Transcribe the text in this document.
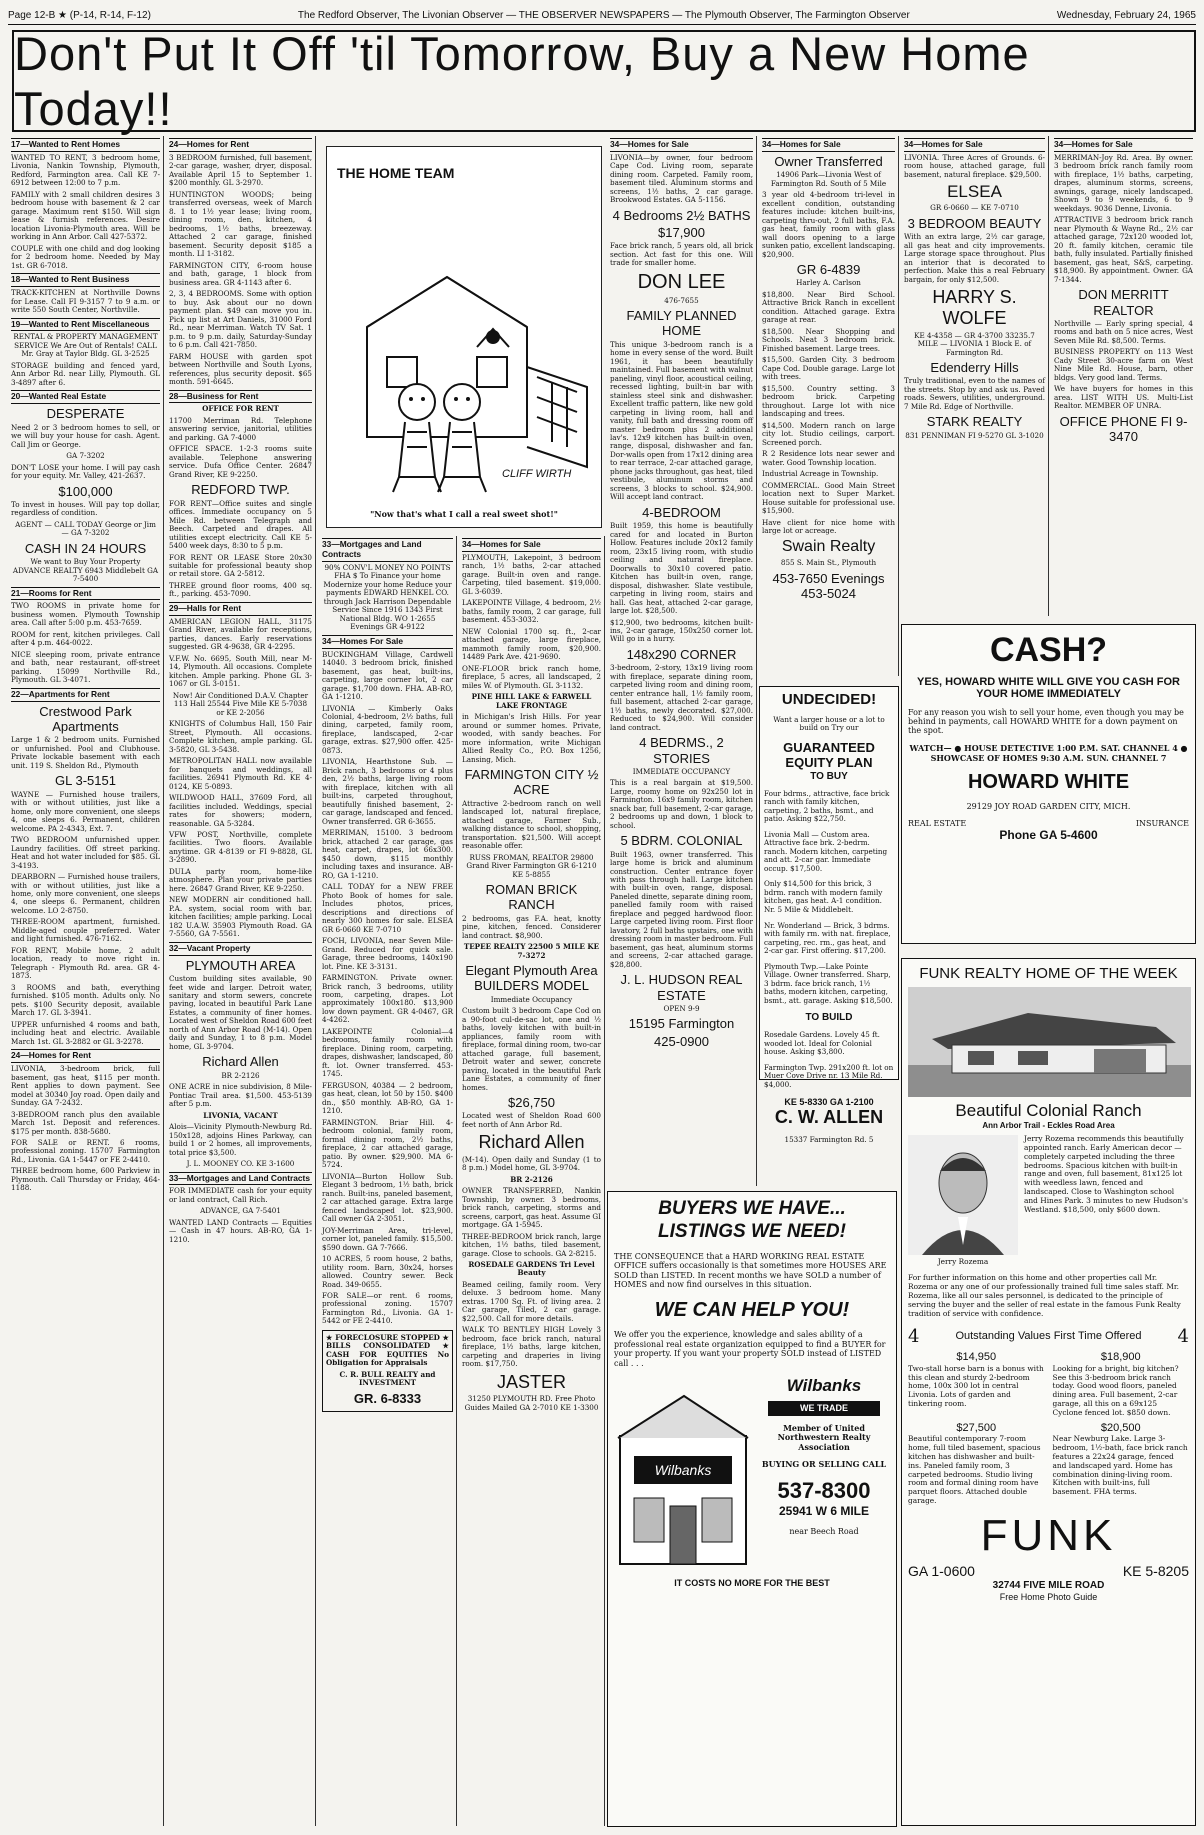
Page 12-B ★ (P-14, R-14, F-12)	The Redford Observer, The Livonian Observer — THE OBSERVER NEWSPAPERS — The Plymouth Observer, The Farmington Observer	Wednesday, February 24, 1965
Don't Put It Off 'til Tomorrow, Buy a New Home Today!!
17—Wanted to Rent Homes

WANTED TO RENT, 3 bedroom home, Livonia, Nankin Township, Plymouth, Redford, Farmington area. Call KE 7-6912 between 12:00 to 7 p.m.

FAMILY with 2 small children desires 3 bedroom house with basement & 2 car garage. Maximum rent $150. Will sign lease & furnish references. Desire location Livonia-Plymouth area. Will be working in Ann Arbor. Call 427-5372.

COUPLE with one child and dog looking for 2 bedroom home. Needed by May 1st. GR 6-7018.

18—Wanted to Rent Business

TRACK-KITCHEN at Northville Downs for Lease. Call FI 9-3157 7 to 9 a.m. or write 550 South Center, Northville.

19—Wanted to Rent Miscellaneous

RENTAL & PROPERTY MANAGEMENT SERVICE We Are Out of Rentals! CALL Mr. Gray at Taylor Bldg. GL 3-2525

STORAGE building and fenced yard, Ann Arbor Rd. near Lilly, Plymouth. GL 3-4897 after 6.

20—Wanted Real Estate
DESPERATE

Need 2 or 3 bedroom homes to sell, or we will buy your house for cash. Agent. Call Jim or George.

GA 7-3202

DON'T LOSE your home. I will pay cash for your equity. Mr. Valley, 421-2637.

$100,000

To invest in houses. Will pay top dollar, regardless of condition.

AGENT — CALL TODAY George or Jim — GA 7-3202

CASH IN 24 HOURS

We want to Buy Your Property ADVANCE REALTY 6943 Middlebelt GA 7-5400

21—Rooms for Rent

TWO ROOMS in private home for business women. Plymouth Township area. Call after 5:00 p.m. 453-7659.

ROOM for rent, kitchen privileges. Call after 4 p.m. 464-0022.

NICE sleeping room, private entrance and bath, near restaurant, off-street parking. 15099 Northville Rd., Plymouth. GL 3-4071.

22—Apartments for Rent
Crestwood Park Apartments

Large 1 & 2 bedroom units. Furnished or unfurnished. Pool and Clubhouse. Private lockable basement with each unit. 119 S. Sheldon Rd., Plymouth

GL 3-5151

WAYNE — Furnished house trailers, with or without utilities, just like a home, only more convenient, one sleeps 4, one sleeps 6. Permanent, children welcome. PA 2-4343, Ext. 7.

TWO BEDROOM unfurnished upper. Laundry facilities. Off street parking. Heat and hot water included for $85. GL 3-4193.

DEARBORN — Furnished house trailers, with or without utilities, just like a home, only more convenient, one sleeps 4, one sleeps 6. Permanent, children welcome. LO 2-8750.

THREE-ROOM apartment, furnished. Middle-aged couple preferred. Water and light furnished. 476-7162.

FOR RENT, Mobile home, 2 adult location, ready to move right in. Telegraph - Plymouth Rd. area. GR 4-1873.

3 ROOMS and bath, everything furnished. $105 month. Adults only. No pets. $100 Security deposit, available March 17. GL 3-3941.

UPPER unfurnished 4 rooms and bath, including heat and electric. Available March 1st. GL 3-2882 or GL 3-2278.

24—Homes for Rent

LIVONIA, 3-bedroom brick, full basement, gas heat, $115 per month. Rent applies to down payment. See model at 30340 Joy road. Open daily and Sunday. GA 7-2432.

3-BEDROOM ranch plus den available March 1st. Deposit and references. $175 per month. 838-5680.

FOR SALE or RENT. 6 rooms, professional zoning. 15707 Farmington Rd., Livonia. GA 1-5447 or FE 2-4410.

THREE bedroom home, 600 Parkview in Plymouth. Call Thursday or Friday, 464-1188.

24—Homes for Rent

3 BEDROOM furnished, full basement, 2-car garage, washer, dryer, disposal. Available April 15 to September 1. $200 monthly. GL 3-2970.

HUNTINGTON WOODS; being transferred overseas, week of March 8. 1 to 1½ year lease; living room, dining room, den, kitchen, 4 bedrooms, 1½ baths, breezeway. Attached 2 car garage, finished basement. Security deposit $185 a month. LI 1-3182.

FARMINGTON CITY, 6-room house and bath, garage, 1 block from business area. GR 4-1143 after 6.

2, 3, 4 BEDROOMS. Some with option to buy. Ask about our no down payment plan. $49 can move you in. Pick up list at Art Daniels, 31000 Ford Rd., near Merriman. Watch TV Sat. 1 p.m. to 9 p.m. daily, Saturday-Sunday to 6 p.m. Call 421-7850.

FARM HOUSE with garden spot between Northville and South Lyons, references, plus security deposit. $65 month. 591-6645.

28—Business for Rent

OFFICE FOR RENT

11700 Merriman Rd. Telephone answering service, janitorial, utilities and parking. GA 7-4000

OFFICE SPACE. 1-2-3 rooms suite available. Telephone answering service. Dufa Office Center. 26847 Grand River, KE 9-2250.

REDFORD TWP.

FOR RENT—Office suites and single offices. Immediate occupancy on 5 Mile Rd. between Telegraph and Beech. Carpeted and drapes. All utilities except electricity. Call KE 5-5400 week days, 8:30 to 5 p.m.

FOR RENT OR LEASE Store 20x30 suitable for professional beauty shop or retail store. GA 2-5812.

THREE ground floor rooms, 400 sq. ft., parking. 453-7090.

29—Halls for Rent

AMERICAN LEGION HALL, 31175 Grand River, available for receptions, parties, dances. Early reservations suggested. GR 4-9638, GR 4-2295.

V.F.W. No. 6695, South Mill, near M-14, Plymouth. All occasions. Complete kitchen. Ample parking. Phone GL 3-1067 or GL 3-0151.

Now! Air Conditioned D.A.V. Chapter 113 Hall 25544 Five Mile KE 5-7038 or KE 2-2056

KNIGHTS of Columbus Hall, 150 Fair Street, Plymouth. All occasions. Complete kitchen, ample parking. GL 3-5820, GL 3-5438.

METROPOLITAN HALL now available for banquets and weddings, all facilities. 26941 Plymouth Rd. KE 4-0124, KE 5-0893.

WILDWOOD HALL, 37609 Ford, all facilities included. Weddings, special rates for showers; modern, reasonable. GA 5-3284.

VFW POST, Northville, complete facilities. Two floors. Available anytime. GR 4-8139 or FI 9-8828, GL 3-2890.

DULA party room, home-like atmosphere. Plan your private parties here. 26847 Grand River, KE 9-2250.

NEW MODERN air conditioned hall. P.A. system, social room with bar, kitchen facilities; ample parking. Local 182 U.A.W. 35903 Plymouth Road. GA 7-5560, GA 7-5561.

32—Vacant Property
PLYMOUTH AREA

Custom building sites available, 90 feet wide and larger. Detroit water, sanitary and storm sewers, concrete paving, located in beautiful Park Lane Estates, a community of finer homes. Located west of Sheldon Road 600 feet north of Ann Arbor Road (M-14). Open daily and Sunday, 1 to 8 p.m. Model home, GL 3-9704.

Richard Allen

BR 2-2126

ONE ACRE in nice subdivision, 8 Mile-Pontiac Trail area. $1,500. 453-5139 after 5 p.m.

LIVONIA, VACANT

Alois—Vicinity Plymouth-Newburg Rd. 150x128, adjoins Hines Parkway, can build 1 or 2 homes, all improvements, total price $3,500.

J. L. MOONEY CO. KE 3-1600

33—Mortgages and Land Contracts

FOR IMMEDIATE cash for your equity or land contract, Call Rich.

ADVANCE, GA 7-5401

WANTED LAND Contracts — Equities — Cash in 47 hours. AB-RO, GA 1-1210.

THE HOME TEAM
CLIFF WIRTH
"Now that's what I call a real sweet shot!"
33—Mortgages and Land Contracts

90% CONV'L MONEY NO POINTS FHA $ To Finance your home Modernize your home Reduce your payments EDWARD HENKEL CO. through Jack Harrison Dependable Service Since 1916 1343 First National Bldg. WO 1-2655 Evenings GR 4-9122

34—Homes For Sale

BUCKINGHAM Village, Cardwell 14040. 3 bedroom brick, finished basement, gas heat, built-ins, carpeting, large corner lot, 2 car garage. $1,700 down. FHA. AB-RO, GA 1-1210.

LIVONIA — Kimberly Oaks Colonial, 4-bedroom, 2½ baths, full dining, carpeted, family room, fireplace, landscaped, 2-car garage, extras. $27,900 offer. 425-0873.

LIVONIA, Hearthstone Sub. — Brick ranch, 3 bedrooms or 4 plus den, 2½ baths, large living room with fireplace, kitchen with all built-ins, carpeted throughout, beautifully finished basement, 2-car garage, landscaped and fenced. Owner transferred. GR 6-3655.

MERRIMAN, 15100. 3 bedroom brick, attached 2 car garage, gas heat, carpet, drapes, lot 66x300. $450 down, $115 monthly including taxes and insurance. AB-RO, GA 1-1210.

CALL TODAY for a NEW FREE Photo Book of homes for sale. Includes photos, prices, descriptions and directions of nearly 300 homes for sale. ELSEA GR 6-0660 KE 7-0710

FOCH, LIVONIA, near Seven Mile-Grand. Reduced for quick sale. Garage, three bedrooms, 140x190 lot. Pine. KE 3-3131.

FARMINGTON. Private owner. Brick ranch, 3 bedrooms, utility room, carpeting, drapes. Lot approximately 100x180. $13,900 low down payment. GR 4-0467, GR 4-4262.

LAKEPOINTE Colonial—4 bedrooms, family room with fireplace. Dining room, carpeting, drapes, dishwasher, landscaped, 80 ft. lot. Owner transferred. 453-1745.

FERGUSON, 40384 — 2 bedroom, gas heat, clean, lot 50 by 150. $400 dn., $50 monthly. AB-RO, GA 1-1210.

FARMINGTON. Briar Hill. 4-bedroom colonial, family room, formal dining room, 2½ baths, fireplace, 2 car attached garage, patio. By owner. $29,900. MA 6-5724.

LIVONIA—Burton Hollow Sub. Elegant 3 bedroom, 1½ bath, brick ranch. Built-ins, paneled basement, 2 car attached garage. Extra large fenced landscaped lot. $23,900. Call owner GA 2-3051.

JOY-Merriman Area, tri-level, corner lot, paneled family. $15,500. $590 down. GA 7-7666.

10 ACRES, 5 room house, 2 baths, utility room. Barn, 30x24, horses allowed. Country sewer. Beck Road. 349-0655.

FOR SALE—or rent. 6 rooms, professional zoning. 15707 Farmington Rd., Livonia. GA 1-5442 or FE 2-4410.

★ FORECLOSURE STOPPED ★ BILLS CONSOLIDATED ★ CASH FOR EQUITIES No Obligation for Appraisals

C. R. BULL REALTY and INVESTMENT

GR. 6-8333
34—Homes for Sale

PLYMOUTH, Lakepoint, 3 bedroom ranch, 1½ baths, 2-car attached garage. Built-in oven and range. Carpeting, tiled basement. $19,000. GL 3-6039.

LAKEPOINTE Village, 4 bedroom, 2½ baths, family room, 2 car garage, full basement. 453-3032.

NEW Colonial 1700 sq. ft., 2-car attached garage, large fireplace, mammoth family room, $20,900. 14489 Park Ave. 421-9690.

ONE-FLOOR brick ranch home, fireplace, 5 acres, all landscaped, 2 miles W. of Plymouth. GL 3-1132.

PINE HILL LAKE & FARWELL LAKE FRONTAGE

in Michigan's Irish Hills. For year around or summer homes. Private, wooded, with sandy beaches. For more information, write Michigan Allied Realty Co., P.O. Box 1256, Lansing, Mich.

FARMINGTON CITY ½ ACRE

Attractive 2-bedroom ranch on well landscaped lot, natural fireplace, attached garage, Farmer Sub., walking distance to school, shopping, transportation. $21,500. Will accept reasonable offer.

RUSS FROMAN, REALTOR 29800 Grand River Farmington GR 6-1210 KE 5-8855

ROMAN BRICK RANCH

2 bedrooms, gas F.A. heat, knotty pine, kitchen, fenced. Considerer land contract. $8,900.

TEPEE REALTY 22500 5 MILE KE 7-3272

Elegant Plymouth Area BUILDERS MODEL

Immediate Occupancy

Custom built 3 bedroom Cape Cod on a 90-foot cul-de-sac lot, one and ½ baths, lovely kitchen with built-in appliances, family room with fireplace, formal dining room, two-car attached garage, full basement, Detroit water and sewer, concrete paving, located in the beautiful Park Lane Estates, a community of finer homes.

$26,750

Located west of Sheldon Road 600 feet north of Ann Arbor Rd.

Richard Allen

(M-14). Open daily and Sunday (1 to 8 p.m.) Model home, GL 3-9704.

BR 2-2126

OWNER TRANSFERRED, Nankin Township, by owner. 3 bedrooms, brick ranch, carpeting, storms and screens, carport, gas heat. Assume GI mortgage. GA 1-5945.

THREE-BEDROOM brick ranch, large kitchen, 1½ baths, tiled basement, garage. Close to schools. GA 2-8215.

ROSEDALE GARDENS Tri Level Beauty

Beamed ceiling, family room. Very deluxe. 3 bedroom home. Many extras. 1700 Sq. Ft. of living area. 2 Car garage, Tiled, 2 car garage. $22,500. Call for more details.

WALK TO BENTLEY HIGH Lovely 3 bedroom, face brick ranch, natural fireplace, 1½ baths, large kitchen, carpeting and draperies in living room. $17,750.

JASTER

31250 PLYMOUTH RD. Free Photo Guides Mailed GA 2-7010 KE 1-3300

34—Homes for Sale

LIVONIA—by owner, four bedroom Cape Cod. Living room, separate dining room. Carpeted. Family room, basement tiled. Aluminum storms and screens, 1½ baths, 2 car garage. Brookwood Estates. GA 5-1156.

4 Bedrooms 2½ BATHS
$17,900

Face brick ranch, 5 years old, all brick section. Act fast for this one. Will trade for smaller home.

DON LEE

476-7655

FAMILY PLANNED HOME

This unique 3-bedroom ranch is a home in every sense of the word. Built 1961, it has been beautifully maintained. Full basement with walnut paneling, vinyl floor, acoustical ceiling, recessed lighting, built-in bar with stainless steel sink and dishwasher. Excellent traffic pattern, like new gold carpeting in living room, hall and vanity, full bath and dressing room off master bedroom plus 2 additional lav's. 12x9 kitchen has built-in oven, range, disposal, dishwasher and fan. Dor-walls open from 17x12 dining area to rear terrace, 2-car attached garage, phone jacks throughout, gas heat, tiled vestibule, aluminum storms and screens, 3 blocks to school. $24,900. Will accept land contract.

4-BEDROOM

Built 1959, this home is beautifully cared for and located in Burton Hollow. Features include 20x12 family room, 23x15 living room, with studio ceiling and natural fireplace. Doorwalls to 30x10 covered patio. Kitchen has built-in oven, range, disposal, dishwasher. Slate vestibule, carpeting in living room, stairs and hall. Gas heat, attached 2-car garage, large lot. $28,500.

$12,900, two bedrooms, kitchen built-ins, 2-car garage, 150x250 corner lot. Will go in a hurry.

148x290 CORNER

3-bedroom, 2-story, 13x19 living room with fireplace, separate dining room, carpeted living room and dining room, center entrance hall, 1½ family room, full basement, attached 2-car garage, 1½ baths, newly decorated. $27,000. Reduced to $24,900. Will consider land contract.

4 BEDRMS., 2 STORIES

IMMEDIATE OCCUPANCY

This is a real bargain at $19,500. Large, roomy home on 92x250 lot in Farmington. 16x9 family room, kitchen snack bar, full basement, 2-car garage, 2 bedrooms up and down, 1 block to school.

5 BDRM. COLONIAL

Built 1963, owner transferred. This large home is brick and aluminum construction. Center entrance foyer with pass through hall. Large kitchen with built-in oven, range, disposal. Paneled dinette, separate dining room, panelled family room with raised fireplace and pegged hardwood floor. Large carpeted living room. First floor lavatory, 2 full baths upstairs, one with dressing room in master bedroom. Full basement, gas heat, aluminum storms and screens, 2-car attached garage. $28,800.

J. L. HUDSON REAL ESTATE

OPEN 9-9

15195 Farmington
425-0900
34—Homes for Sale
Owner Transferred

14906 Park—Livonia West of Farmington Rd. South of 5 Mile

3 year old 4-bedroom tri-level in excellent condition, outstanding features include: kitchen built-ins, carpeting thru-out, 2 full baths, F.A. gas heat, family room with glass wall doors opening to a large sunken patio, excellent landscaping. $20,900.

GR 6-4839

Harley A. Carlson

$18,800. Near Bird School. Attractive Brick Ranch in excellent condition. Attached garage. Extra garage at rear.

$18,500. Near Shopping and Schools. Neat 3 bedroom brick. Finished basement. Large trees.

$15,500. Garden City. 3 bedroom Cape Cod. Double garage. Large lot with trees.

$15,500. Country setting. 3 bedroom brick. Carpeting throughout. Large lot with nice landscaping and trees.

$14,500. Modern ranch on large city lot. Studio ceilings, carport. Screened porch.

R 2 Residence lots near sewer and water. Good Township location.

Industrial Acreage in Township.

COMMERCIAL. Good Main Street location next to Super Market. House suitable for professional use. $15,900.

Have client for nice home with large lot or acreage.

Swain Realty

855 S. Main St., Plymouth

453-7650 Evenings 453-5024
34—Homes for Sale

LIVONIA. Three Acres of Grounds. 6-room house, attached garage, full basement, natural fireplace. $29,500.

ELSEA

GR 6-0660 — KE 7-0710

3 BEDROOM BEAUTY

With an extra large, 2½ car garage, all gas heat and city improvements. Large storage space throughout. Plus an interior that is decorated to perfection. Make this a real February bargain, for only $12,500.

HARRY S. WOLFE

KE 4-4358 — GR 4-3700 33235.7 MILE — LIVONIA 1 Block E. of Farmington Rd.

Edenderry Hills

Truly traditional, even to the names of the streets. Stop by and ask us. Paved roads. Sewers, utilities, underground. 7 Mile Rd. Edge of Northville.

STARK REALTY

831 PENNIMAN FI 9-5270 GL 3-1020

34—Homes for Sale

MERRIMAN-Joy Rd. Area. By owner. 3 bedroom brick ranch family room with fireplace, 1½ baths, carpeting, drapes, aluminum storms, screens, awnings, garage, nicely landscaped. Shown 9 to 9 weekends, 6 to 9 weekdays. 9036 Denne, Livonia.

ATTRACTIVE 3 bedroom brick ranch near Plymouth & Wayne Rd., 2½ car attached garage, 72x120 wooded lot, 20 ft. family kitchen, ceramic tile bath, fully insulated. Partially finished basement, gas heat, S&S, carpeting. $18,900. By appointment. Owner. GA 7-1344.

DON MERRITT REALTOR

Northville — Early spring special, 4 rooms and bath on 5 nice acres, West Seven Mile Rd. $8,500. Terms.

BUSINESS PROPERTY on 113 West Cady Street 30-acre farm on West Nine Mile Rd. House, barn, other bldgs. Very good land. Terms.

We have buyers for homes in this area. LIST WITH US. Multi-List Realtor. MEMBER OF UNRA.

OFFICE PHONE FI 9-3470
CASH?
YES, HOWARD WHITE WILL GIVE YOU CASH FOR YOUR HOME IMMEDIATELY

For any reason you wish to sell your home, even though you may be behind in payments, call HOWARD WHITE for a down payment on the spot.

WATCH— ● HOUSE DETECTIVE 1:00 P.M. SAT. CHANNEL 4 ● SHOWCASE OF HOMES 9:30 A.M. SUN. CHANNEL 7

HOWARD WHITE

29129 JOY ROAD GARDEN CITY, MICH.

REAL ESTATE	INSURANCE
Phone GA 5-4600
UNDECIDED!

Want a larger house or a lot to build on Try our

GUARANTEED EQUITY PLAN
TO BUY

Four bdrms., attractive, face brick ranch with family kitchen, carpeting, 2 baths, bsmt., and patio. Asking $22,750.

Livonia Mall — Custom area. Attractive face brk. 2-bedrm. ranch. Modern kitchen, carpeting and att. 2-car gar. Immediate occup. $17,500.

Only $14,500 for this brick, 3 bdrm. ranch with modern family kitchen, gas heat. A-1 condition. Nr. 5 Mile & Middlebelt.

Nr. Wonderland — Brick, 3 bdrms. with family rm. with nat. fireplace, carpeting, rec. rm., gas heat, and 2-car gar. First offering. $17,200.

Plymouth Twp.—Lake Pointe Village. Owner transferred. Sharp, 3 bdrm. face brick ranch, 1½ baths, modern kitchen, carpeting, bsmt., att. garage. Asking $18,500.

TO BUILD

Rosedale Gardens. Lovely 45 ft. wooded lot. Ideal for Colonial house. Asking $3,800.

Farmington Twp. 291x200 ft. lot on Muer Cove Drive nr. 13 Mile Rd. $4,000.

KE 5-8330 GA 1-2100
C. W. ALLEN

15337 Farmington Rd. 5

BUYERS WE HAVE... LISTINGS WE NEED!

THE CONSEQUENCE that a HARD WORKING REAL ESTATE OFFICE suffers occasionally is that sometimes more HOUSES ARE SOLD than LISTED. In recent months we have SOLD a number of HOMES and now find ourselves in this situation.

WE CAN HELP YOU!

We offer you the experience, knowledge and sales ability of a professional real estate organization equipped to find a BUYER for your property. If you want your property SOLD instead of LISTED call . . .

Wilbanks
Wilbanks
WE TRADE

Member of United Northwestern Realty Association

BUYING OR SELLING CALL

537-8300
25941 W 6 MILE

near Beech Road

IT COSTS NO MORE FOR THE BEST
FUNK REALTY HOME OF THE WEEK
Beautiful Colonial Ranch
Ann Arbor Trail - Eckles Road Area
Jerry Rozema

Jerry Rozema recommends this beautifully appointed ranch. Early American decor — completely carpeted including the three bedrooms. Spacious kitchen with built-in range and oven, full basement, 81x125 lot with weedless lawn, fenced and landscaped. Close to Washington school and Hines Park. 3 minutes to new Hudson's Westland. $18,500, only $600 down.

For further information on this home and other properties call Mr. Rozema or any one of our professionally trained full time sales staff. Mr. Rozema, like all our sales personnel, is dedicated to the principle of serving the buyer and the seller of real estate in the famous Funk Realty tradition of service with confidence.

4	Outstanding Values First Time Offered 4
$14,950
Two-stall horse barn is a bonus with this clean and sturdy 2-bedroom home, 100x 300 lot in central Livonia. Lots of garden and tinkering room.
$18,900
Looking for a bright, big kitchen? See this 3-bedroom brick ranch today. Good wood floors, paneled dining area. Full basement, 2-car garage, all this on a 69x125 Cyclone fenced lot. $850 down.
$27,500
Beautiful contemporary 7-room home, full tiled basement, spacious kitchen has dishwasher and built-ins. Paneled family room, 3 carpeted bedrooms. Studio living room and formal dining room have parquet floors. Attached double garage.
$20,500
Near Newburg Lake. Large 3-bedroom, 1½-bath, face brick ranch features a 22x24 garage, fenced and landscaped yard. Home has combination dining-living room. Kitchen with built-ins, full basement. FHA terms.
FUNK
GA 1-0600	KE 5-8205
32744 FIVE MILE ROAD
Free Home Photo Guide
